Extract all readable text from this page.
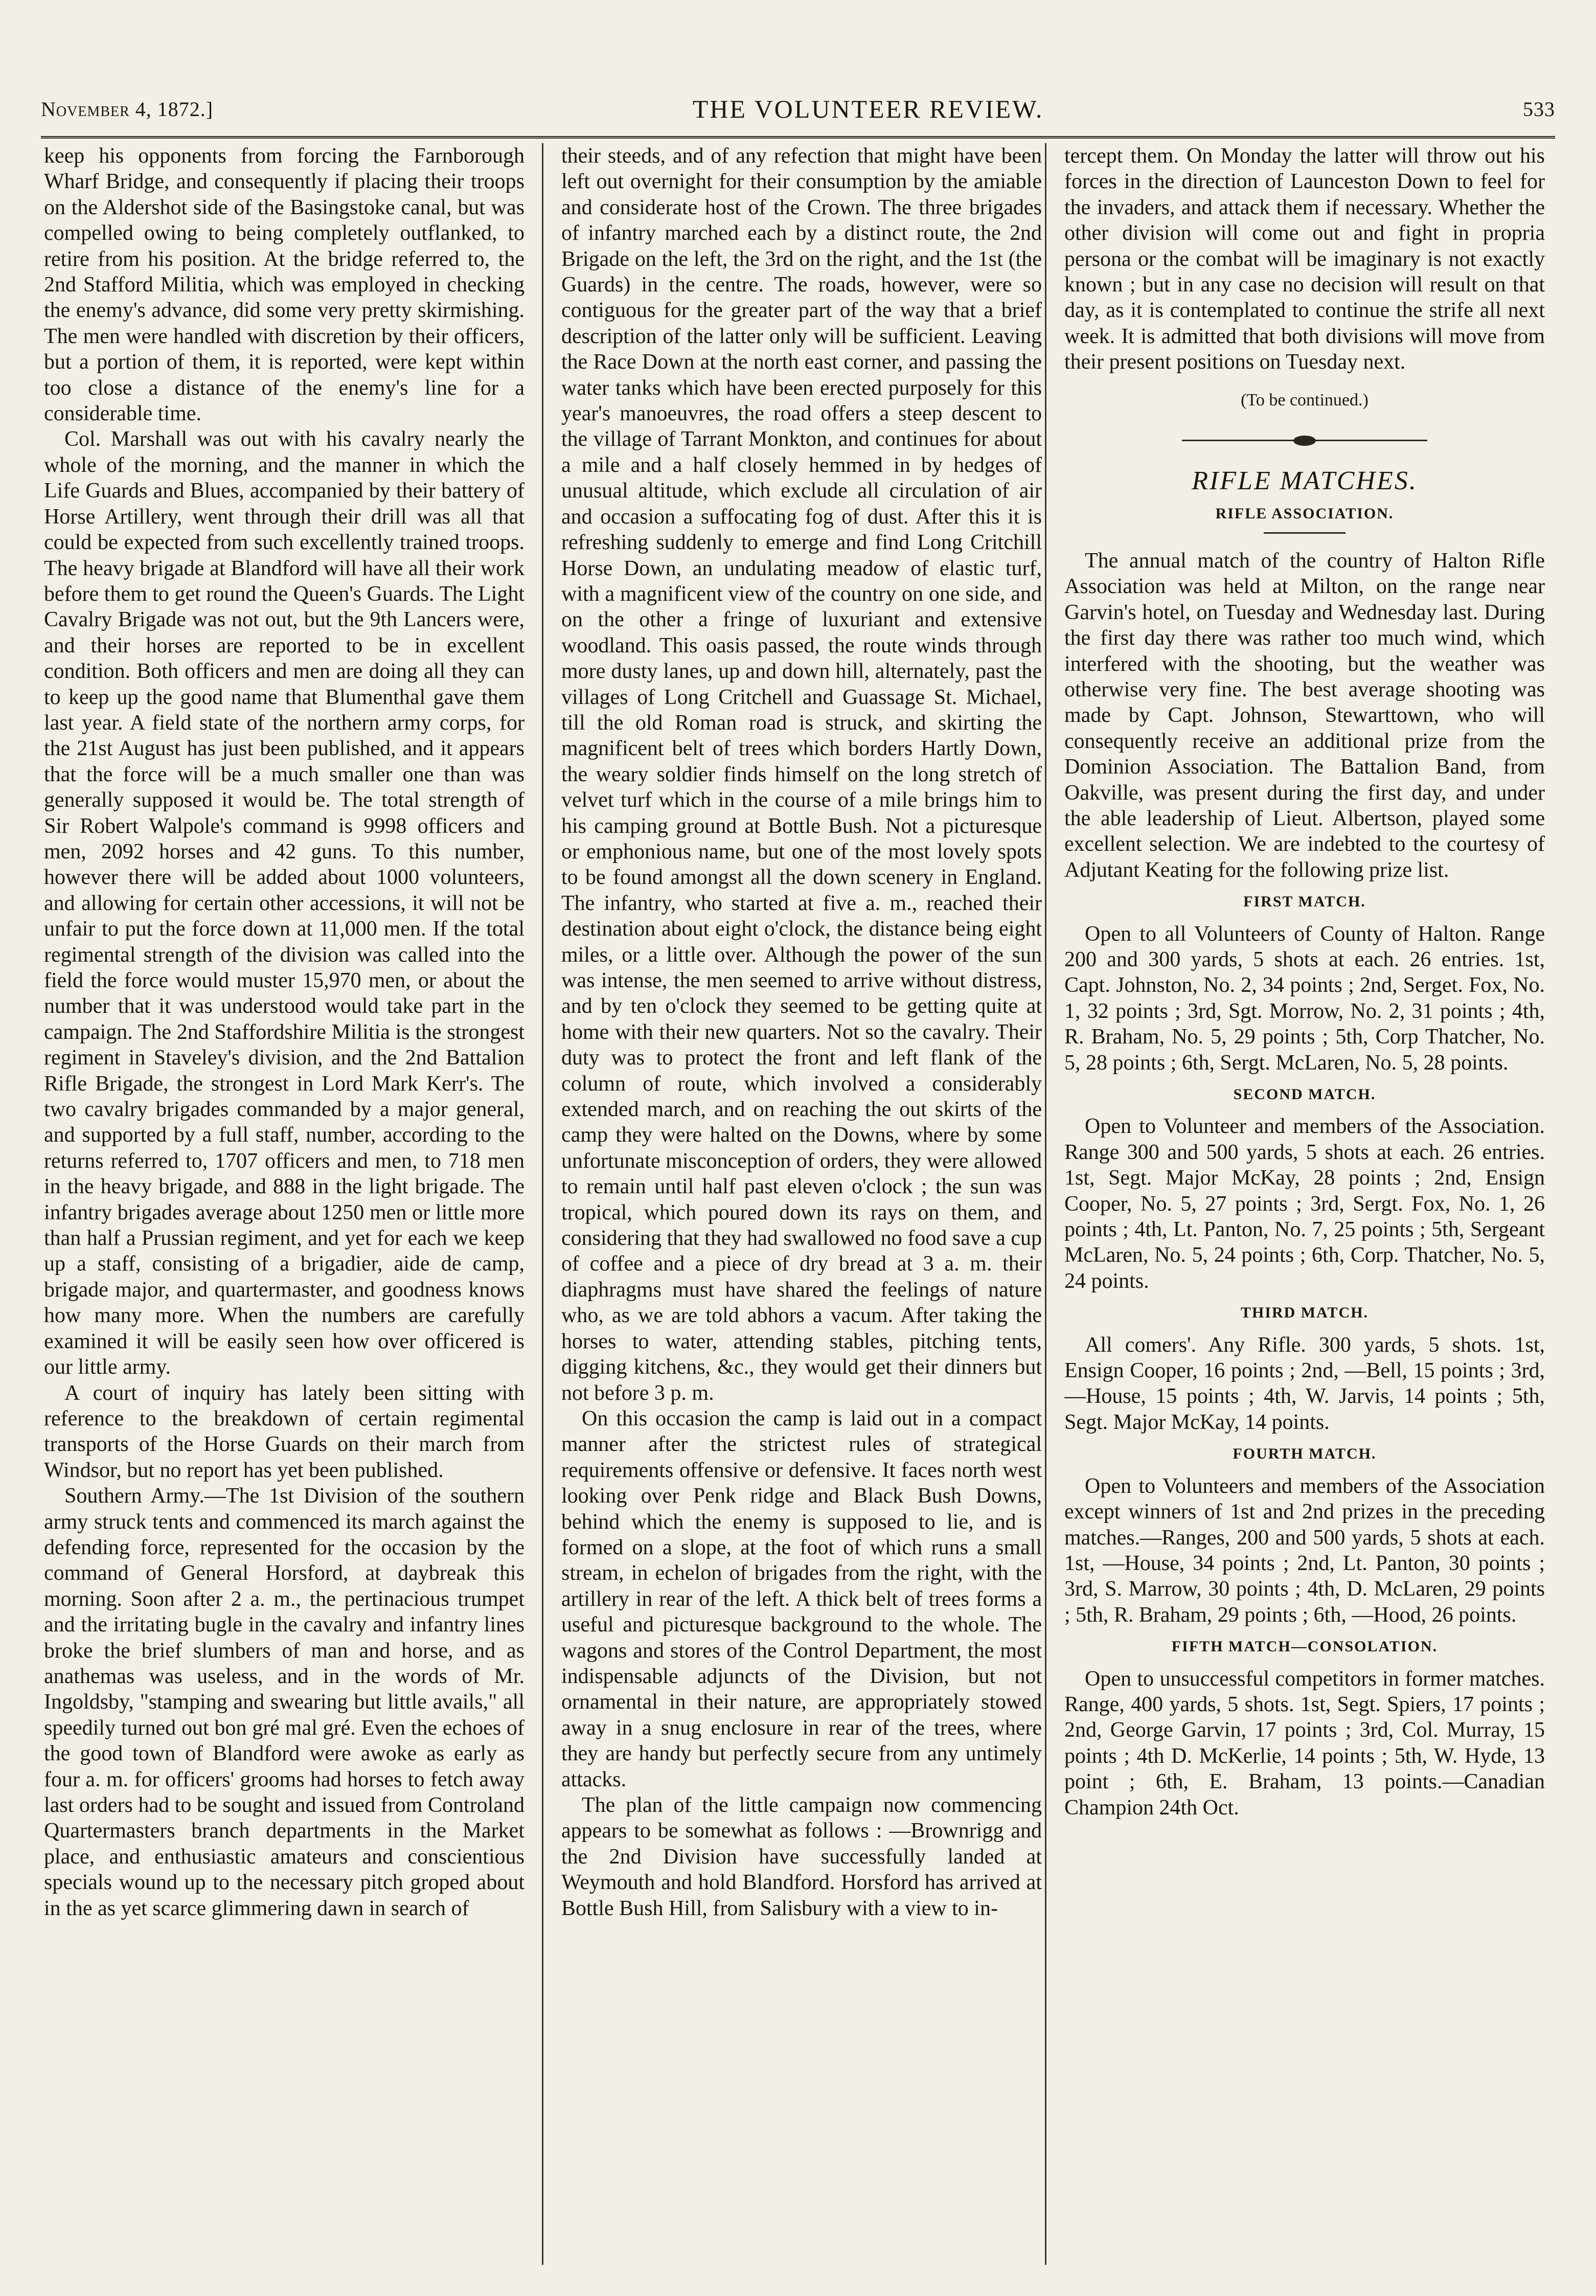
November 4, 1872.]	THE VOLUNTEER REVIEW.	533

keep his opponents from forcing the Farnborough Wharf Bridge, and consequently if placing their troops on the Aldershot side of the Basingstoke canal, but was compelled owing to being completely outflanked, to retire from his position. At the bridge referred to, the 2nd Stafford Militia, which was employed in checking the enemy's advance, did some very pretty skirmishing. The men were handled with discretion by their officers, but a portion of them, it is reported, were kept within too close a distance of the enemy's line for a considerable time.

Col. Marshall was out with his cavalry nearly the whole of the morning, and the manner in which the Life Guards and Blues, accompanied by their battery of Horse Artillery, went through their drill was all that could be expected from such excellently trained troops. The heavy brigade at Blandford will have all their work before them to get round the Queen's Guards. The Light Cavalry Brigade was not out, but the 9th Lancers were, and their horses are reported to be in excellent condition. Both officers and men are doing all they can to keep up the good name that Blumenthal gave them last year. A field state of the northern army corps, for the 21st August has just been published, and it appears that the force will be a much smaller one than was generally supposed it would be. The total strength of Sir Robert Walpole's command is 9998 officers and men, 2092 horses and 42 guns. To this number, however there will be added about 1000 volunteers, and allowing for certain other accessions, it will not be unfair to put the force down at 11,000 men. If the total regimental strength of the division was called into the field the force would muster 15,970 men, or about the number that it was understood would take part in the campaign. The 2nd Staffordshire Militia is the strongest regiment in Staveley's division, and the 2nd Battalion Rifle Brigade, the strongest in Lord Mark Kerr's. The two cavalry brigades commanded by a major general, and supported by a full staff, number, according to the returns referred to, 1707 officers and men, to 718 men in the heavy brigade, and 888 in the light brigade. The infantry brigades average about 1250 men or little more than half a Prussian regiment, and yet for each we keep up a staff, consisting of a brigadier, aide de camp, brigade major, and quartermaster, and goodness knows how many more. When the numbers are carefully examined it will be easily seen how over officered is our little army.

A court of inquiry has lately been sitting with reference to the breakdown of certain regimental transports of the Horse Guards on their march from Windsor, but no report has yet been published.

Southern Army.—The 1st Division of the southern army struck tents and commenced its march against the defending force, represented for the occasion by the command of General Horsford, at daybreak this morning. Soon after 2 a. m., the pertinacious trumpet and the irritating bugle in the cavalry and infantry lines broke the brief slumbers of man and horse, and as anathemas was useless, and in the words of Mr. Ingoldsby, "stamping and swearing but little avails," all speedily turned out bon gré mal gré. Even the echoes of the good town of Blandford were awoke as early as four a. m. for officers' grooms had horses to fetch away last orders had to be sought and issued from Controland Quartermasters branch departments in the Market place, and enthusiastic amateurs and conscientious specials wound up to the necessary pitch groped about in the as yet scarce glimmering dawn in search of

their steeds, and of any refection that might have been left out overnight for their consumption by the amiable and considerate host of the Crown. The three brigades of infantry marched each by a distinct route, the 2nd Brigade on the left, the 3rd on the right, and the 1st (the Guards) in the centre. The roads, however, were so contiguous for the greater part of the way that a brief description of the latter only will be sufficient. Leaving the Race Down at the north east corner, and passing the water tanks which have been erected purposely for this year's manoeuvres, the road offers a steep descent to the village of Tarrant Monkton, and continues for about a mile and a half closely hemmed in by hedges of unusual altitude, which exclude all circulation of air and occasion a suffocating fog of dust. After this it is refreshing suddenly to emerge and find Long Critchill Horse Down, an undulating meadow of elastic turf, with a magnificent view of the country on one side, and on the other a fringe of luxuriant and extensive woodland. This oasis passed, the route winds through more dusty lanes, up and down hill, alternately, past the villages of Long Critchell and Guassage St. Michael, till the old Roman road is struck, and skirting the magnificent belt of trees which borders Hartly Down, the weary soldier finds himself on the long stretch of velvet turf which in the course of a mile brings him to his camping ground at Bottle Bush. Not a picturesque or emphonious name, but one of the most lovely spots to be found amongst all the down scenery in England. The infantry, who started at five a. m., reached their destination about eight o'clock, the distance being eight miles, or a little over. Although the power of the sun was intense, the men seemed to arrive without distress, and by ten o'clock they seemed to be getting quite at home with their new quarters. Not so the cavalry. Their duty was to protect the front and left flank of the column of route, which involved a considerably extended march, and on reaching the out skirts of the camp they were halted on the Downs, where by some unfortunate misconception of orders, they were allowed to remain until half past eleven o'clock ; the sun was tropical, which poured down its rays on them, and considering that they had swallowed no food save a cup of coffee and a piece of dry bread at 3 a. m. their diaphragms must have shared the feelings of nature who, as we are told abhors a vacum. After taking the horses to water, attending stables, pitching tents, digging kitchens, &c., they would get their dinners but not before 3 p. m.

On this occasion the camp is laid out in a compact manner after the strictest rules of strategical requirements offensive or defensive. It faces north west looking over Penk ridge and Black Bush Downs, behind which the enemy is supposed to lie, and is formed on a slope, at the foot of which runs a small stream, in echelon of brigades from the right, with the artillery in rear of the left. A thick belt of trees forms a useful and picturesque background to the whole. The wagons and stores of the Control Department, the most indispensable adjuncts of the Division, but not ornamental in their nature, are appropriately stowed away in a snug enclosure in rear of the trees, where they are handy but perfectly secure from any untimely attacks.

The plan of the little campaign now commencing appears to be somewhat as follows : —Brownrigg and the 2nd Division have successfully landed at Weymouth and hold Blandford. Horsford has arrived at Bottle Bush Hill, from Salisbury with a view to in-

tercept them. On Monday the latter will throw out his forces in the direction of Launceston Down to feel for the invaders, and attack them if necessary. Whether the other division will come out and fight in propria persona or the combat will be imaginary is not exactly known ; but in any case no decision will result on that day, as it is contemplated to continue the strife all next week. It is admitted that both divisions will move from their present positions on Tuesday next.

(To be continued.)

RIFLE MATCHES.

RIFLE ASSOCIATION.

The annual match of the country of Halton Rifle Association was held at Milton, on the range near Garvin's hotel, on Tuesday and Wednesday last. During the first day there was rather too much wind, which interfered with the shooting, but the weather was otherwise very fine. The best average shooting was made by Capt. Johnson, Stewarttown, who will consequently receive an additional prize from the Dominion Association. The Battalion Band, from Oakville, was present during the first day, and under the able leadership of Lieut. Albertson, played some excellent selection. We are indebted to the courtesy of Adjutant Keating for the following prize list.

FIRST MATCH.

Open to all Volunteers of County of Halton. Range 200 and 300 yards, 5 shots at each. 26 entries. 1st, Capt. Johnston, No. 2, 34 points ; 2nd, Serget. Fox, No. 1, 32 points ; 3rd, Sgt. Morrow, No. 2, 31 points ; 4th, R. Braham, No. 5, 29 points ; 5th, Corp Thatcher, No. 5, 28 points ; 6th, Sergt. McLaren, No. 5, 28 points.

SECOND MATCH.

Open to Volunteer and members of the Association. Range 300 and 500 yards, 5 shots at each. 26 entries. 1st, Segt. Major McKay, 28 points ; 2nd, Ensign Cooper, No. 5, 27 points ; 3rd, Sergt. Fox, No. 1, 26 points ; 4th, Lt. Panton, No. 7, 25 points ; 5th, Sergeant McLaren, No. 5, 24 points ; 6th, Corp. Thatcher, No. 5, 24 points.

THIRD MATCH.

All comers'. Any Rifle. 300 yards, 5 shots. 1st, Ensign Cooper, 16 points ; 2nd, —Bell, 15 points ; 3rd, —House, 15 points ; 4th, W. Jarvis, 14 points ; 5th, Segt. Major McKay, 14 points.

FOURTH MATCH.

Open to Volunteers and members of the Association except winners of 1st and 2nd prizes in the preceding matches.—Ranges, 200 and 500 yards, 5 shots at each. 1st, —House, 34 points ; 2nd, Lt. Panton, 30 points ; 3rd, S. Marrow, 30 points ; 4th, D. McLaren, 29 points ; 5th, R. Braham, 29 points ; 6th, —Hood, 26 points.

FIFTH MATCH—CONSOLATION.

Open to unsuccessful competitors in former matches. Range, 400 yards, 5 shots. 1st, Segt. Spiers, 17 points ; 2nd, George Garvin, 17 points ; 3rd, Col. Murray, 15 points ; 4th D. McKerlie, 14 points ; 5th, W. Hyde, 13 point ; 6th, E. Braham, 13 points.—Canadian Champion 24th Oct.
